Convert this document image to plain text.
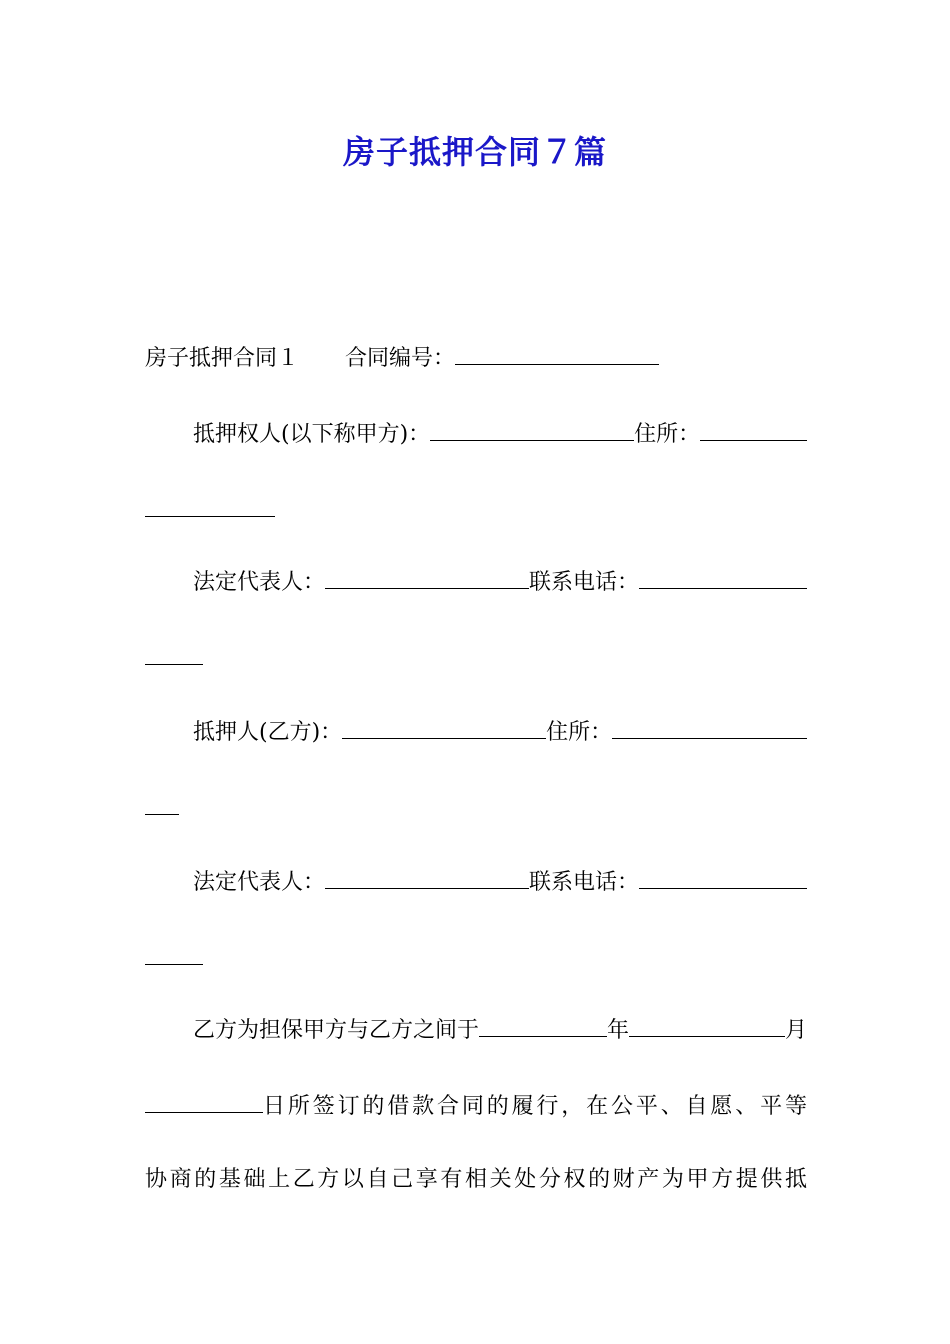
房子抵押合同７篇
房子抵押合同１ 合同编号：
抵押权人(以下称甲方)：	住所：
法定代表人：	联系电话：
抵押人(乙方)：	住所：
法定代表人：	联系电话：
乙方为担保甲方与乙方之间于	年	月
日所签订的借款合同的履行，在公平、自愿、平等
协商的基础上乙方以自己享有相关处分权的财产为甲方提供抵
